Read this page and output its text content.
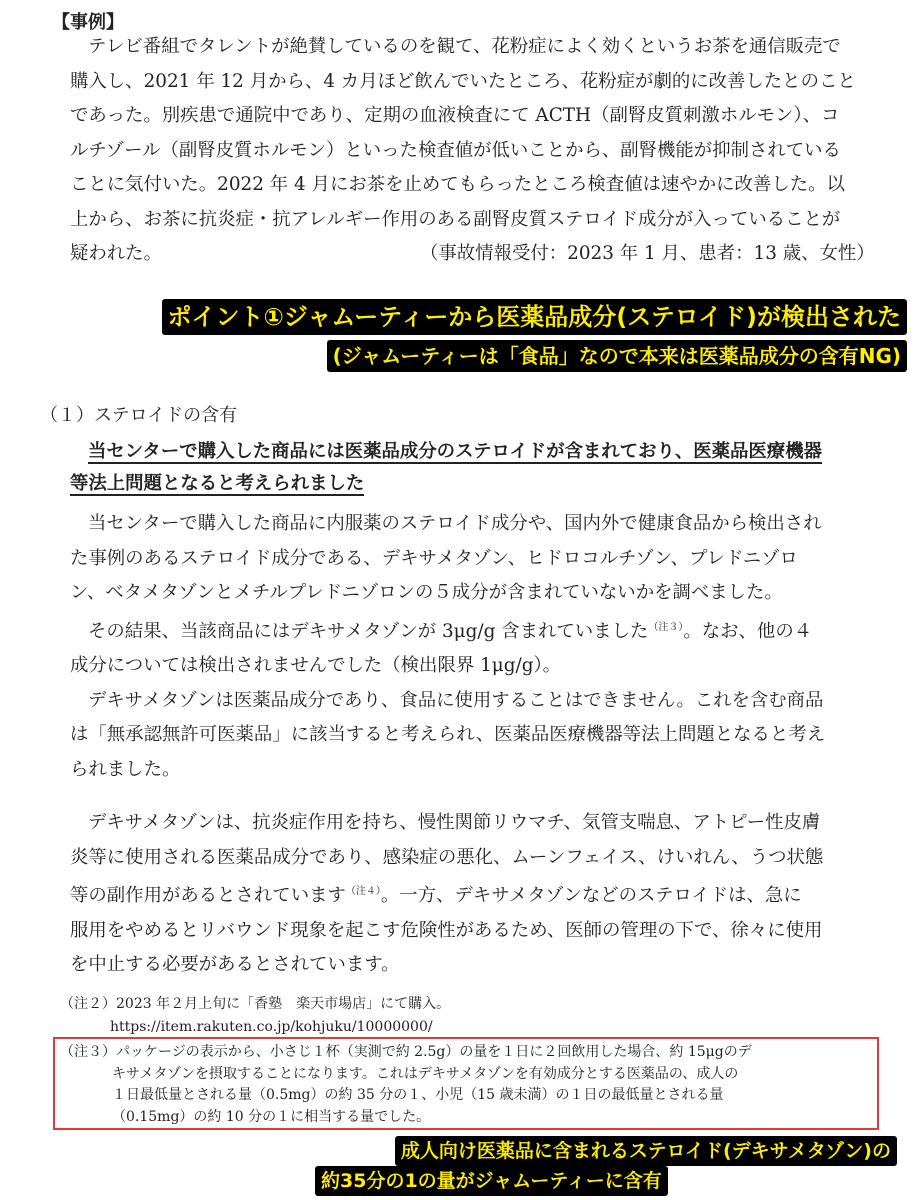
【事例】
テレビ番組でタレントが絶賛しているのを観て、花粉症によく効くというお茶を通信販売で
購入し、2021 年 12 月から、4 カ月ほど飲んでいたところ、花粉症が劇的に改善したとのこと
であった。別疾患で通院中であり、定期の血液検査にて ACTH（副腎皮質刺激ホルモン）、コ
ルチゾール（副腎皮質ホルモン）といった検査値が低いことから、副腎機能が抑制されている
ことに気付いた。2022 年 4 月にお茶を止めてもらったところ検査値は速やかに改善した。以
上から、お茶に抗炎症・抗アレルギー作用のある副腎皮質ステロイド成分が入っていることが
疑われた。	（事故情報受付：2023 年 1 月、患者：13 歳、女性）
ポイント①ジャムーティーから医薬品成分(ステロイド)が検出された
(ジャムーティーは「食品」なので本来は医薬品成分の含有NG)
（１）ステロイドの含有
当センターで購入した商品には医薬品成分のステロイドが含まれており、医薬品医療機器
等法上問題となると考えられました
当センターで購入した商品に内服薬のステロイド成分や、国内外で健康食品から検出され
た事例のあるステロイド成分である、デキサメタゾン、ヒドロコルチゾン、プレドニゾロ
ン、ベタメタゾンとメチルプレドニゾロンの５成分が含まれていないかを調べました。
その結果、当該商品にはデキサメタゾンが 3μg/g 含まれていました$^{(注3)}$。なお、他の４
成分については検出されませんでした（検出限界 1μg/g）。
デキサメタゾンは医薬品成分であり、食品に使用することはできません。これを含む商品
は「無承認無許可医薬品」に該当すると考えられ、医薬品医療機器等法上問題となると考え
られました。
デキサメタゾンは、抗炎症作用を持ち、慢性関節リウマチ、気管支喘息、アトピー性皮膚
炎等に使用される医薬品成分であり、感染症の悪化、ムーンフェイス、けいれん、うつ状態
等の副作用があるとされています$^{(注4)}$。一方、デキサメタゾンなどのステロイドは、急に
服用をやめるとリバウンド現象を起こす危険性があるため、医師の管理の下で、徐々に使用
を中止する必要があるとされています。
（注２）2023 年２月上旬に「香塾　楽天市場店」にて購入。
https://item.rakuten.co.jp/kohjuku/10000000/
（注３）パッケージの表示から、小さじ１杯（実測で約 2.5g）の量を１日に２回飲用した場合、約 15μgのデ
キサメタゾンを摂取することになります。これはデキサメタゾンを有効成分とする医薬品の、成人の
１日最低量とされる量（0.5mg）の約 35 分の１、小児（15 歳未満）の１日の最低量とされる量
（0.15mg）の約 10 分の１に相当する量でした。
成人向け医薬品に含まれるステロイド(デキサメタゾン)の
約35分の1の量がジャムーティーに含有
